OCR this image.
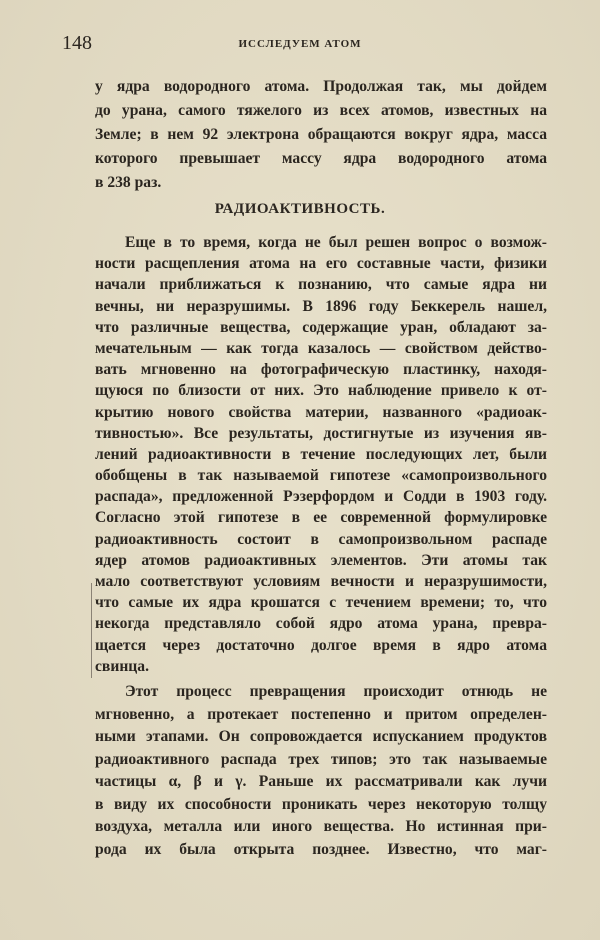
148	ИССЛЕДУЕМ АТОМ
у ядра водородного атома. Продолжая так, мы дойдем
до урана, самого тяжелого из всех атомов, известных на
Земле; в нем 92 электрона обращаются вокруг ядра, масса
которого превышает массу ядра водородного атома
в 238 раз.
РАДИОАКТИВНОСТЬ.
Еще в то время, когда не был решен вопрос о возмож-
ности расщепления атома на его составные части, физики
начали приближаться к познанию, что самые ядра ни
вечны, ни неразрушимы. В 1896 году Беккерель нашел,
что различные вещества, содержащие уран, обладают за-
мечательным — как тогда казалось — свойством действо-
вать мгновенно на фотографическую пластинку, находя-
щуюся по близости от них. Это наблюдение привело к от-
крытию нового свойства материи, названного «радиоак-
тивностью». Все результаты, достигнутые из изучения яв-
лений радиоактивности в течение последующих лет, были
обобщены в так называемой гипотезе «самопроизвольного
распада», предложенной Рэзерфордом и Содди в 1903 году.
Согласно этой гипотезе в ее современной формулировке
радиоактивность состоит в самопроизвольном распаде
ядер атомов радиоактивных элементов. Эти атомы так
мало соответствуют условиям вечности и неразрушимости,
что самые их ядра крошатся с течением времени; то, что
некогда представляло собой ядро атома урана, превра-
щается через достаточно долгое время в ядро атома
свинца.
Этот процесс превращения происходит отнюдь не
мгновенно, а протекает постепенно и притом определен-
ными этапами. Он сопровождается испусканием продуктов
радиоактивного распада трех типов; это так называемые
частицы α, β и γ. Раньше их рассматривали как лучи
в виду их способности проникать через некоторую толщу
воздуха, металла или иного вещества. Но истинная при-
рода их была открыта позднее. Известно, что маг-
